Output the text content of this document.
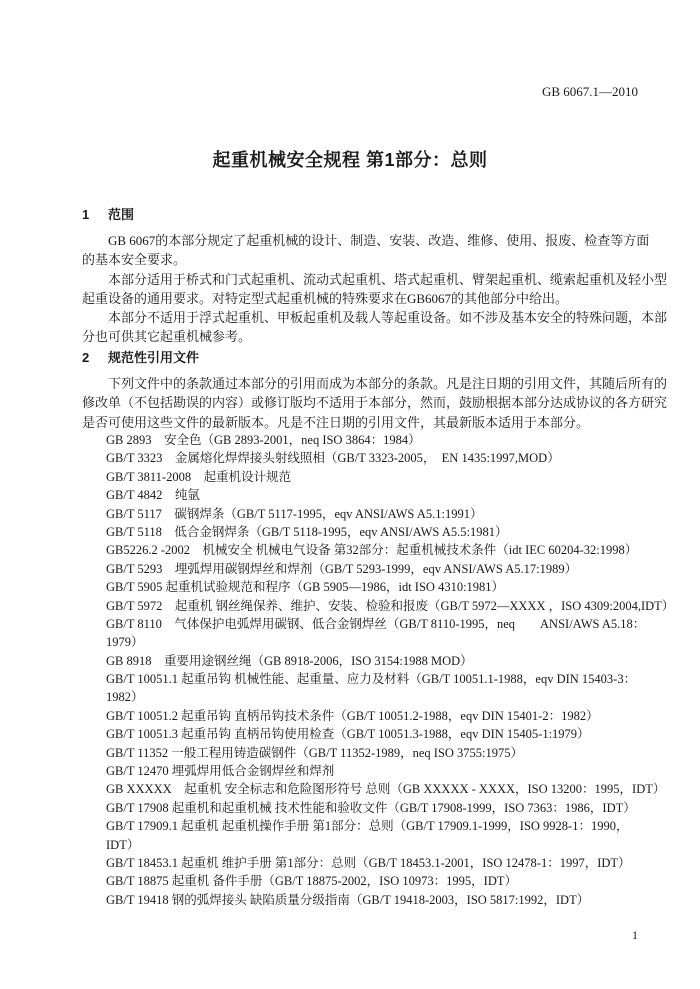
GB 6067.1—2010
起重机械安全规程 第1部分：总则
1 范围
GB 6067的本部分规定了起重机械的设计、制造、安装、改造、维修、使用、报废、检查等方面
的基本安全要求。
本部分适用于桥式和门式起重机、流动式起重机、塔式起重机、臂架起重机、缆索起重机及轻小型
起重设备的通用要求。对特定型式起重机械的特殊要求在GB6067的其他部分中给出。
本部分不适用于浮式起重机、甲板起重机及载人等起重设备。如不涉及基本安全的特殊问题，本部
分也可供其它起重机械参考。
2 规范性引用文件
下列文件中的条款通过本部分的引用而成为本部分的条款。凡是注日期的引用文件，其随后所有的
修改单（不包括勘误的内容）或修订版均不适用于本部分，然而，鼓励根据本部分达成协议的各方研究
是否可使用这些文件的最新版本。凡是不注日期的引用文件，其最新版本适用于本部分。
GB 2893　安全色（GB 2893-2001，neq ISO 3864：1984）
GB/T 3323　金属熔化焊焊接头射线照相（GB/T 3323-2005，　EN 1435:1997,MOD）
GB/T 3811-2008　起重机设计规范
GB/T 4842　纯氩
GB/T 5117　碳钢焊条（GB/T 5117-1995，eqv ANSI/AWS A5.1:1991）
GB/T 5118　低合金钢焊条（GB/T 5118-1995，eqv ANSI/AWS A5.5:1981）
GB5226.2 -2002　机械安全 机械电气设备 第32部分：起重机械技术条件（idt IEC 60204-32:1998）
GB/T 5293　埋弧焊用碳钢焊丝和焊剂（GB/T 5293-1999，eqv ANSI/AWS A5.17:1989）
GB/T 5905 起重机试验规范和程序（GB 5905—1986，idt ISO 4310:1981）
GB/T 5972　起重机 钢丝绳保养、维护、安装、检验和报废（GB/T 5972—XXXX ，ISO 4309:2004,IDT）
GB/T 8110　气体保护电弧焊用碳钢、低合金钢焊丝（GB/T 8110-1995，neq　　ANSI/AWS A5.18：
1979）
GB 8918　重要用途钢丝绳（GB 8918-2006，ISO 3154:1988 MOD）
GB/T 10051.1 起重吊钩 机械性能、起重量、应力及材料（GB/T 10051.1-1988，eqv DIN 15403-3：
1982）
GB/T 10051.2 起重吊钩 直柄吊钩技术条件（GB/T 10051.2-1988，eqv DIN 15401-2：1982）
GB/T 10051.3 起重吊钩 直柄吊钩使用检查（GB/T 10051.3-1988，eqv DIN 15405-1:1979）
GB/T 11352 一般工程用铸造碳钢件（GB/T 11352-1989，neq ISO 3755:1975）
GB/T 12470 埋弧焊用低合金钢焊丝和焊剂
GB XXXXX　起重机 安全标志和危险图形符号 总则（GB XXXXX - XXXX，ISO 13200：1995，IDT）
GB/T 17908 起重机和起重机械 技术性能和验收文件（GB/T 17908-1999，ISO 7363：1986，IDT）
GB/T 17909.1 起重机 起重机操作手册 第1部分：总则（GB/T 17909.1-1999，ISO 9928-1：1990，
IDT）
GB/T 18453.1 起重机 维护手册 第1部分：总则（GB/T 18453.1-2001，ISO 12478-1：1997，IDT）
GB/T 18875 起重机 备件手册（GB/T 18875-2002，ISO 10973：1995，IDT）
GB/T 19418 钢的弧焊接头 缺陷质量分级指南（GB/T 19418-2003，ISO 5817:1992，IDT）
1
